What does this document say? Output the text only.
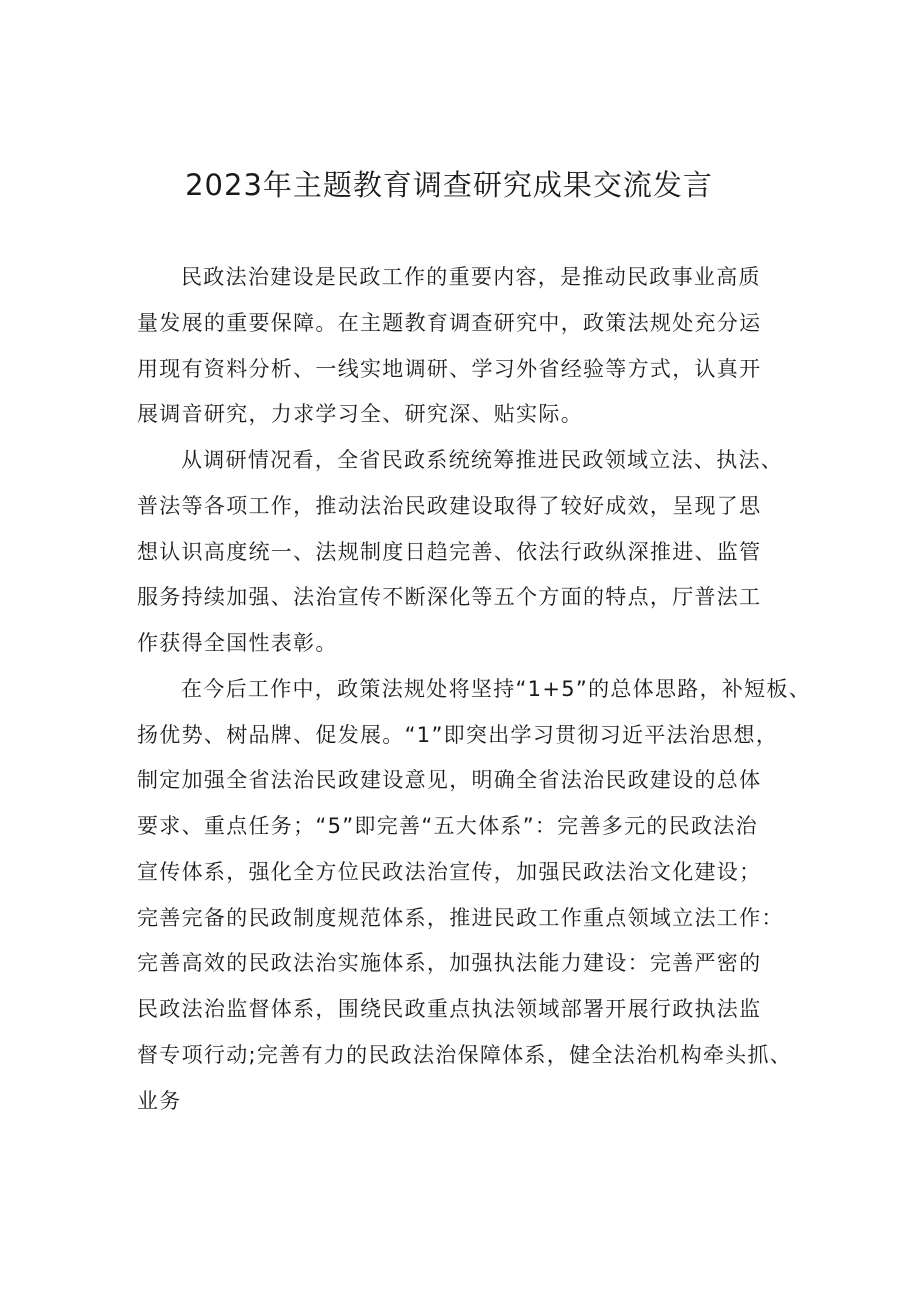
2023年主题教育调查研究成果交流发言

民政法治建设是民政工作的重要内容，是推动民政事业高质
量发展的重要保障。在主题教育调查研究中，政策法规处充分运
用现有资料分析、一线实地调研、学习外省经验等方式，认真开
展调音研究，力求学习全、研究深、贴实际。

从调研情况看，全省民政系统统筹推进民政领域立法、执法、
普法等各项工作，推动法治民政建设取得了较好成效，呈现了思
想认识高度统一、法规制度日趋完善、依法行政纵深推进、监管
服务持续加强、法治宣传不断深化等五个方面的特点，厅普法工
作获得全国性表彰。

在今后工作中，政策法规处将坚持“1+5”的总体思路，补短板、
扬优势、树品牌、促发展。“1”即突出学习贯彻习近平法治思想，
制定加强全省法治民政建设意见，明确全省法治民政建设的总体
要求、重点任务；“5”即完善“五大体系”：完善多元的民政法治
宣传体系，强化全方位民政法治宣传，加强民政法治文化建设；
完善完备的民政制度规范体系，推进民政工作重点领域立法工作：
完善高效的民政法治实施体系，加强执法能力建设：完善严密的
民政法治监督体系，围绕民政重点执法领域部署开展行政执法监
督专项行动;完善有力的民政法治保障体系，健全法治机构牵头抓、
业务
